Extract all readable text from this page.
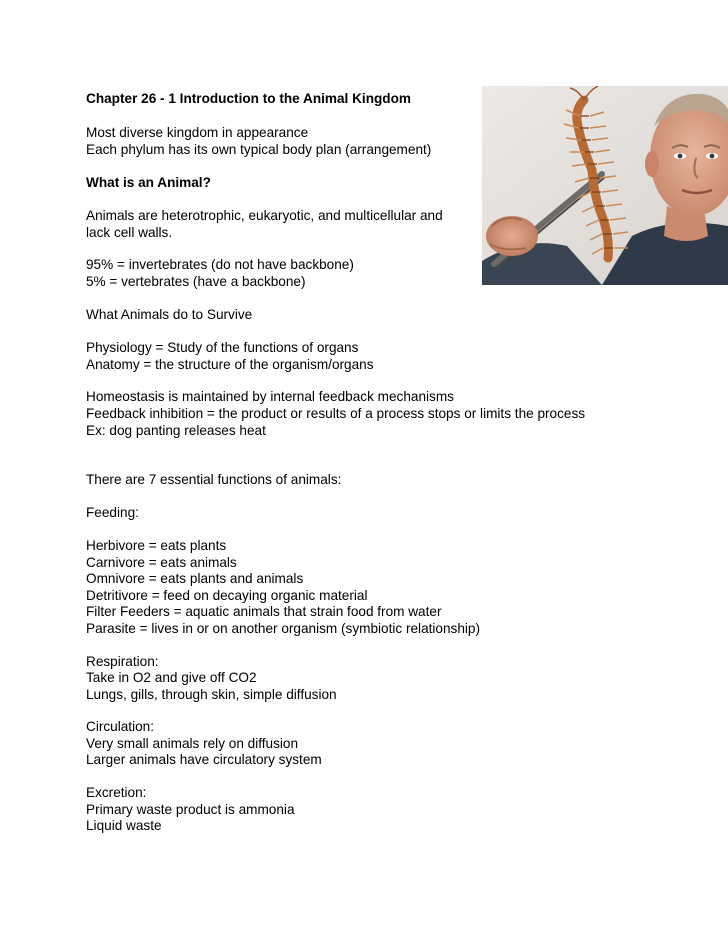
Chapter 26 - 1 Introduction to the Animal Kingdom
Most diverse kingdom in appearance
Each phylum has its own typical body plan (arrangement)
What is an Animal?
Animals are heterotrophic, eukaryotic, and multicellular and
lack cell walls.
95% = invertebrates (do not have backbone)
5% = vertebrates (have a backbone)
What Animals do to Survive
Physiology = Study of the functions of organs
Anatomy = the structure of the organism/organs
Homeostasis is maintained by internal feedback mechanisms
Feedback inhibition = the product or results of a process stops or limits the process
Ex: dog panting releases heat
There are 7 essential functions of animals:
Feeding:
Herbivore = eats plants
Carnivore = eats animals
Omnivore = eats plants and animals
Detritivore = feed on decaying organic material
Filter Feeders = aquatic animals that strain food from water
Parasite = lives in or on another organism (symbiotic relationship)
Respiration:
Take in O2 and give off CO2
Lungs, gills, through skin, simple diffusion
Circulation:
Very small animals rely on diffusion
Larger animals have circulatory system
Excretion:
Primary waste product is ammonia
Liquid waste
